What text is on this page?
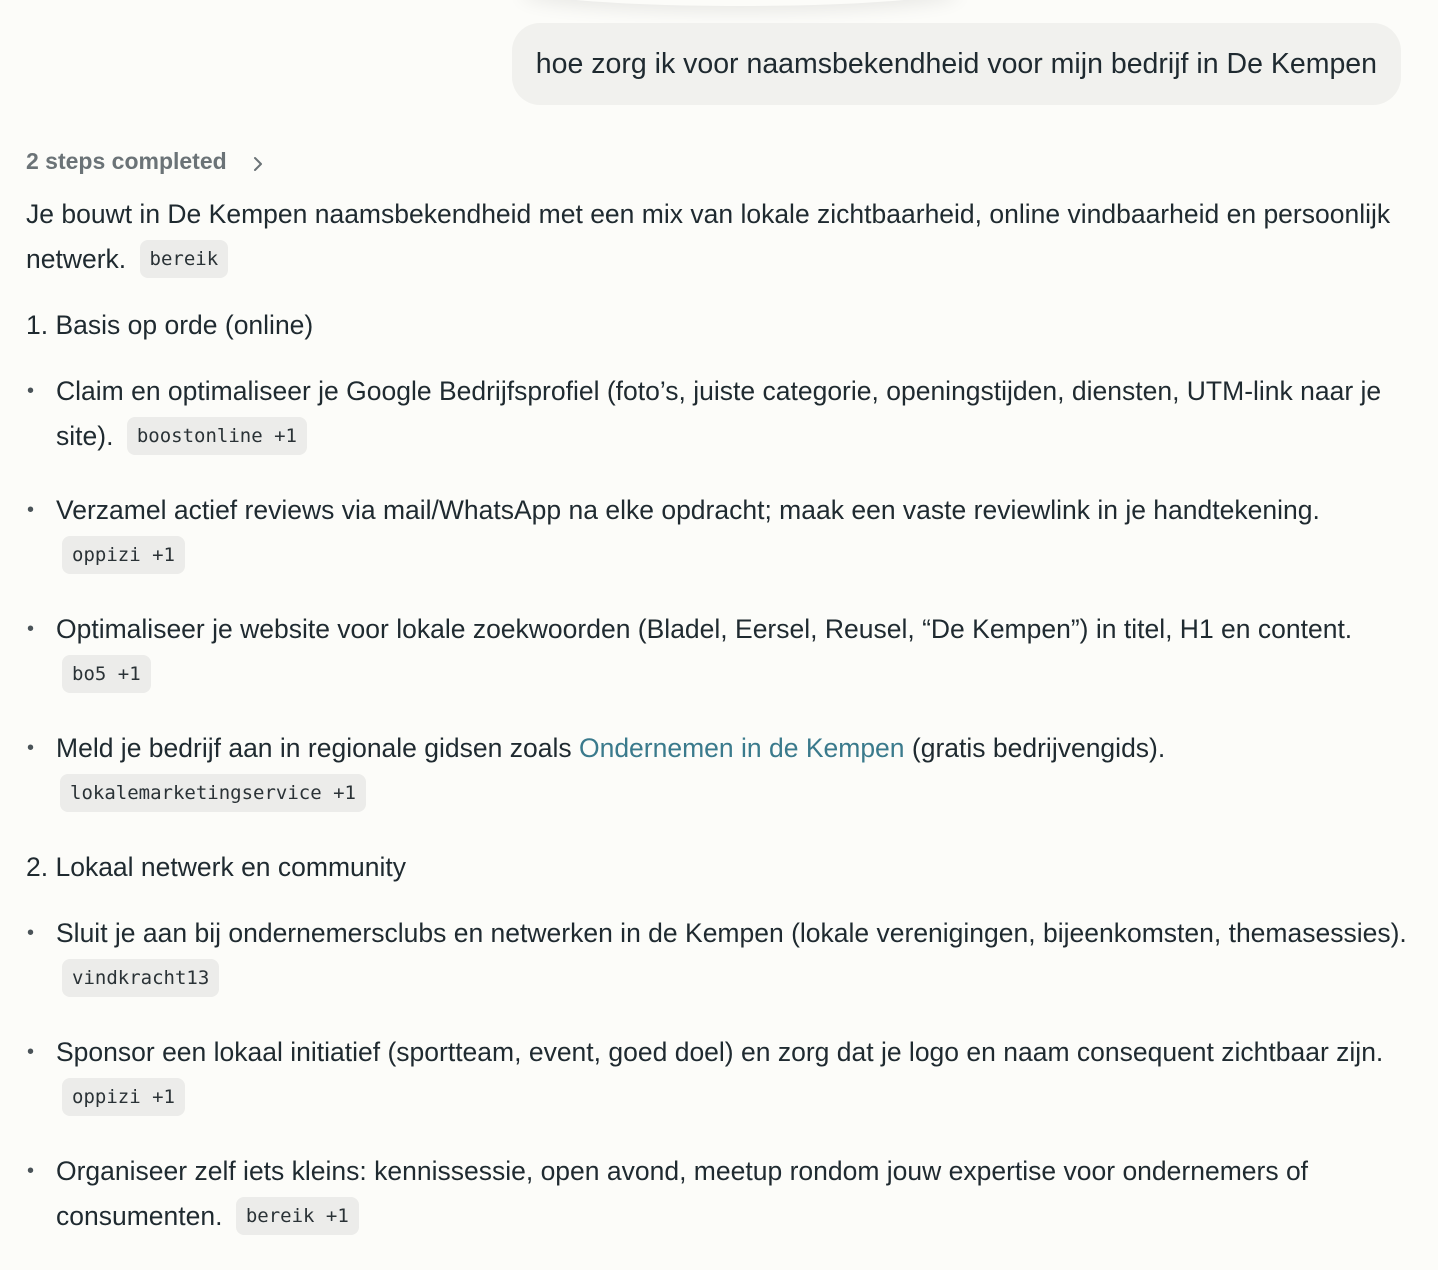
hoe zorg ik voor naamsbekendheid voor mijn bedrijf in De Kempen
2 steps completed
Je bouwt in De Kempen naamsbekendheid met een mix van lokale zichtbaarheid, online vindbaarheid en persoonlijk netwerk. bereik
1. Basis op orde (online)
• Claim en optimaliseer je Google Bedrijfsprofiel (foto’s, juiste categorie, openingstijden, diensten, UTM-link naar je site). boostonline +1
• Verzamel actief reviews via mail/WhatsApp na elke opdracht; maak een vaste reviewlink in je handtekening. oppizi +1
• Optimaliseer je website voor lokale zoekwoorden (Bladel, Eersel, Reusel, “De Kempen”) in titel, H1 en content. bo5 +1
• Meld je bedrijf aan in regionale gidsen zoals Ondernemen in de Kempen (gratis bedrijvengids).
lokalemarketingservice +1
2. Lokaal netwerk en community
• Sluit je aan bij ondernemersclubs en netwerken in de Kempen (lokale verenigingen, bijeenkomsten, themasessies). vindkracht13
• Sponsor een lokaal initiatief (sportteam, event, goed doel) en zorg dat je logo en naam consequent zichtbaar zijn. oppizi +1
• Organiseer zelf iets kleins: kennissessie, open avond, meetup rondom jouw expertise voor ondernemers of consumenten. bereik +1
